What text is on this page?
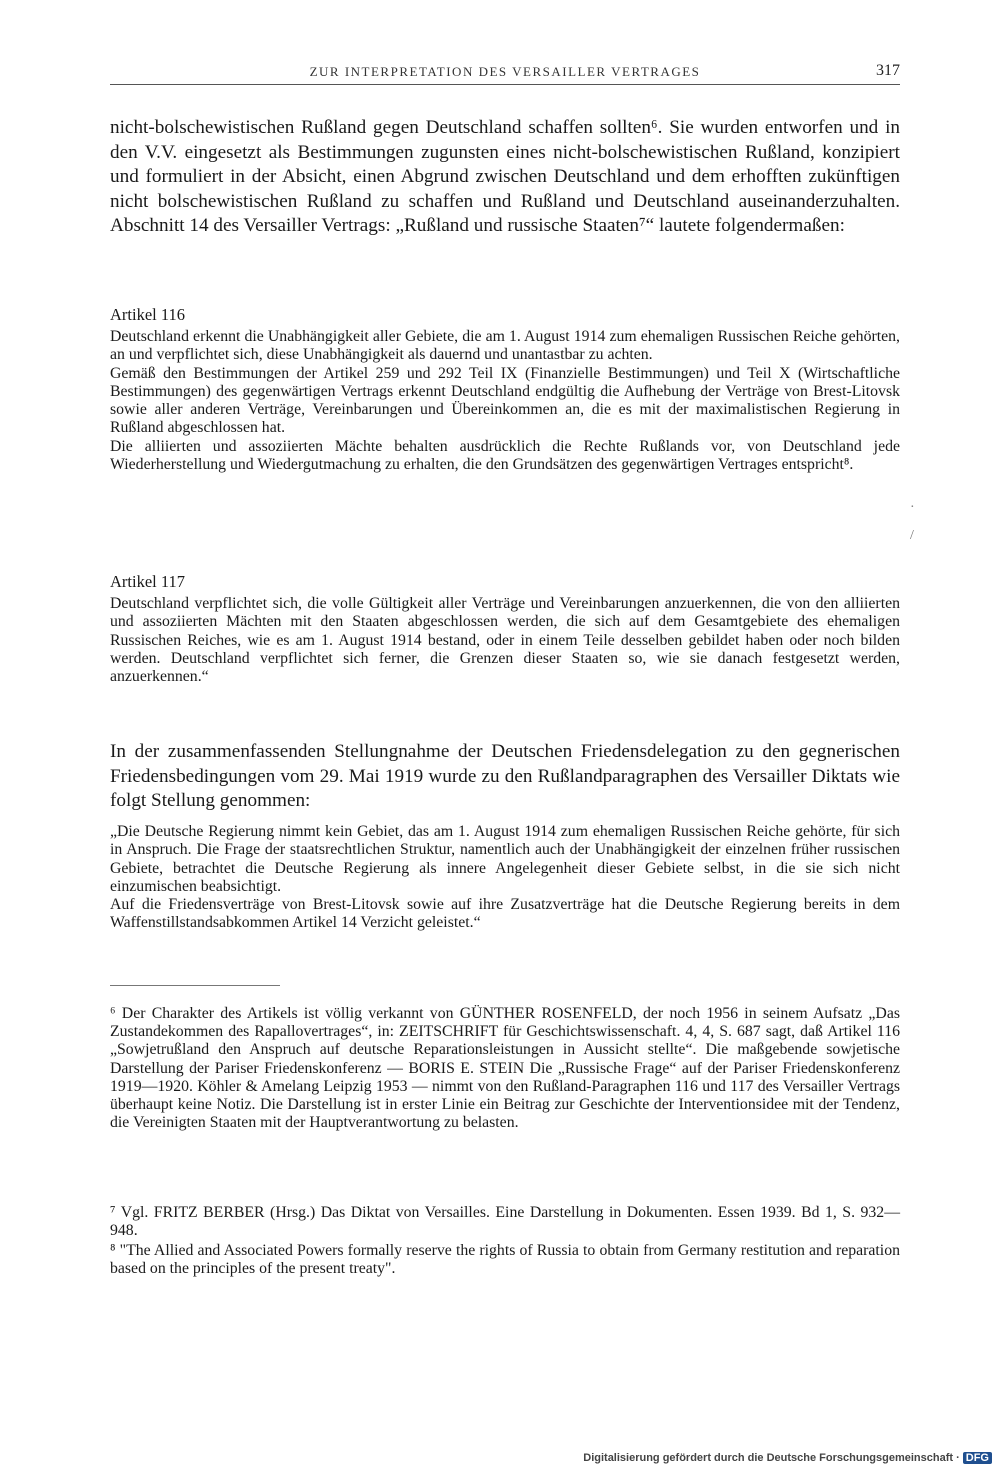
ZUR INTERPRETATION DES VERSAILLER VERTRAGES	317

nicht-bolschewistischen Rußland gegen Deutschland schaffen sollten⁶. Sie wurden entworfen und in den V.V. eingesetzt als Bestimmungen zugunsten eines nicht-bolschewistischen Rußland, konzipiert und formuliert in der Absicht, einen Abgrund zwischen Deutschland und dem erhofften zukünftigen nicht bolschewistischen Rußland zu schaffen und Rußland und Deutschland auseinanderzuhalten. Abschnitt 14 des Versailler Vertrags: „Rußland und russische Staaten⁷“ lautete folgendermaßen:

Artikel 116

Deutschland erkennt die Unabhängigkeit aller Gebiete, die am 1. August 1914 zum ehemaligen Russischen Reiche gehörten, an und verpflichtet sich, diese Unabhängigkeit als dauernd und unantastbar zu achten.

Gemäß den Bestimmungen der Artikel 259 und 292 Teil IX (Finanzielle Bestimmungen) und Teil X (Wirtschaftliche Bestimmungen) des gegenwärtigen Vertrags erkennt Deutschland endgültig die Aufhebung der Verträge von Brest-Litovsk sowie aller anderen Verträge, Vereinbarungen und Übereinkommen an, die es mit der maximalistischen Regierung in Rußland abgeschlossen hat.

Die alliierten und assoziierten Mächte behalten ausdrücklich die Rechte Rußlands vor, von Deutschland jede Wiederherstellung und Wiedergutmachung zu erhalten, die den Grundsätzen des gegenwärtigen Vertrages entspricht⁸.

Artikel 117

Deutschland verpflichtet sich, die volle Gültigkeit aller Verträge und Vereinbarungen anzuerkennen, die von den alliierten und assoziierten Mächten mit den Staaten abgeschlossen werden, die sich auf dem Gesamtgebiete des ehemaligen Russischen Reiches, wie es am 1. August 1914 bestand, oder in einem Teile desselben gebildet haben oder noch bilden werden. Deutschland verpflichtet sich ferner, die Grenzen dieser Staaten so, wie sie danach festgesetzt werden, anzuerkennen.“

In der zusammenfassenden Stellungnahme der Deutschen Friedensdelegation zu den gegnerischen Friedensbedingungen vom 29. Mai 1919 wurde zu den Rußlandparagraphen des Versailler Diktats wie folgt Stellung genommen:

„Die Deutsche Regierung nimmt kein Gebiet, das am 1. August 1914 zum ehemaligen Russischen Reiche gehörte, für sich in Anspruch. Die Frage der staatsrechtlichen Struktur, namentlich auch der Unabhängigkeit der einzelnen früher russischen Gebiete, betrachtet die Deutsche Regierung als innere Angelegenheit dieser Gebiete selbst, in die sie sich nicht einzumischen beabsichtigt.

Auf die Friedensverträge von Brest-Litovsk sowie auf ihre Zusatzverträge hat die Deutsche Regierung bereits in dem Waffenstillstandsabkommen Artikel 14 Verzicht geleistet.“

⁶ Der Charakter des Artikels ist völlig verkannt von GÜNTHER ROSENFELD, der noch 1956 in seinem Aufsatz „Das Zustandekommen des Rapallovertrages“, in: ZEITSCHRIFT für Geschichtswissenschaft. 4, 4, S. 687 sagt, daß Artikel 116 „Sowjetrußland den Anspruch auf deutsche Reparationsleistungen in Aussicht stellte“. Die maßgebende sowjetische Darstellung der Pariser Friedenskonferenz — BORIS E. STEIN Die „Russische Frage“ auf der Pariser Friedenskonferenz 1919—1920. Köhler & Amelang Leipzig 1953 — nimmt von den Rußland-Paragraphen 116 und 117 des Versailler Vertrags überhaupt keine Notiz. Die Darstellung ist in erster Linie ein Beitrag zur Geschichte der Interventionsidee mit der Tendenz, die Vereinigten Staaten mit der Hauptverantwortung zu belasten.

⁷ Vgl. FRITZ BERBER (Hrsg.) Das Diktat von Versailles. Eine Darstellung in Dokumenten. Essen 1939. Bd 1, S. 932—948.

⁸ "The Allied and Associated Powers formally reserve the rights of Russia to obtain from Germany restitution and reparation based on the principles of the present treaty".

·
/
Digitalisierung gefördert durch die Deutsche Forschungsgemeinschaft · DFG
